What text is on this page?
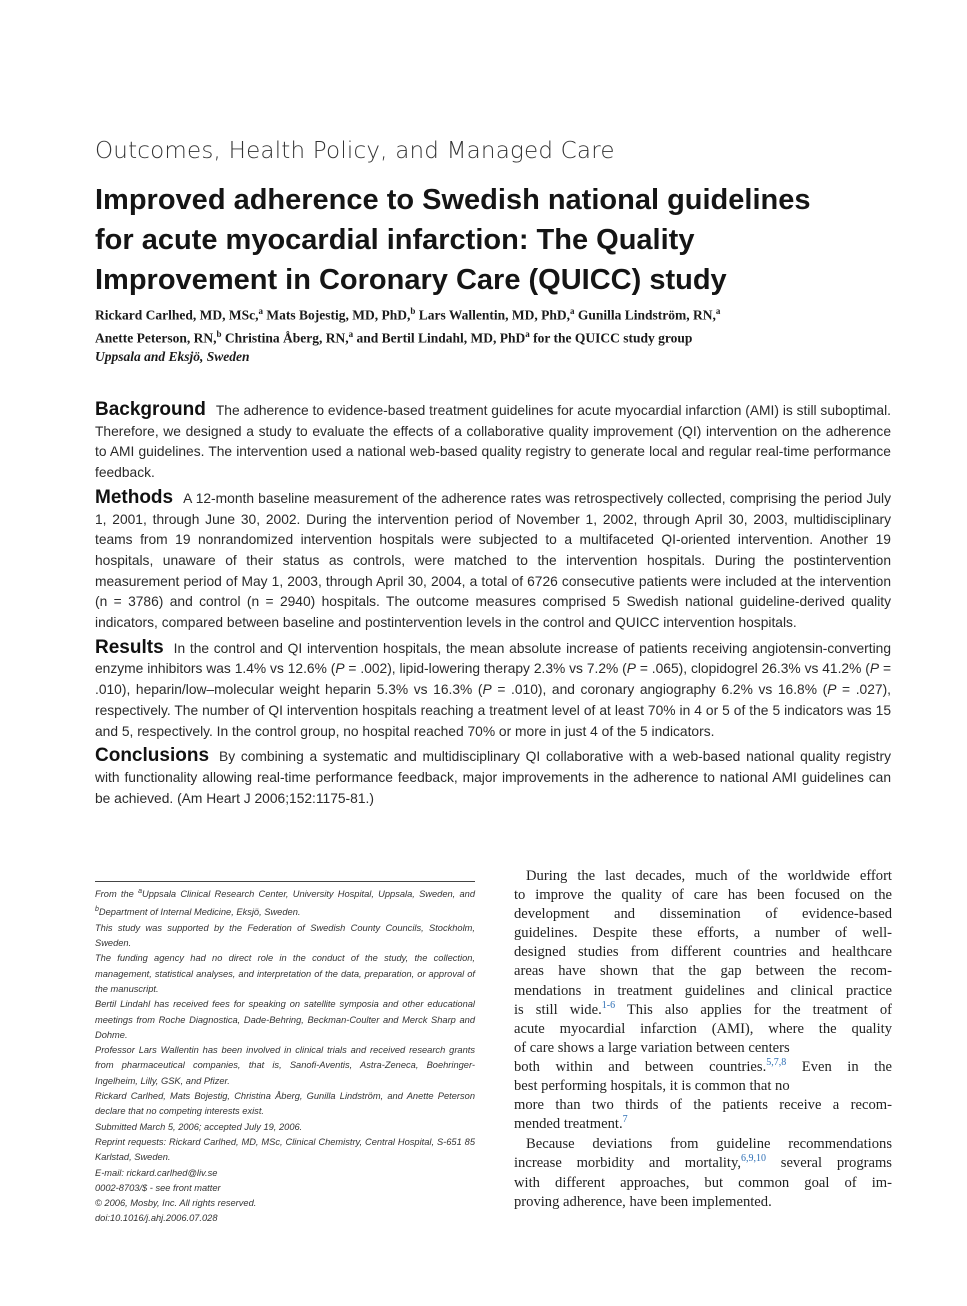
Outcomes, Health Policy, and Managed Care
Improved adherence to Swedish national guidelines
for acute myocardial infarction: The Quality
Improvement in Coronary Care (QUICC) study
Rickard Carlhed, MD, MSc,$^a$ Mats Bojestig, MD, PhD,$^b$ Lars Wallentin, MD, PhD,$^a$ Gunilla Lindström, RN,$^a$
Anette Peterson, RN,$^b$ Christina Åberg, RN,$^a$ and Bertil Lindahl, MD, PhD$^a$ for the QUICC study group
Uppsala and Eksjö, Sweden

Background The adherence to evidence-based treatment guidelines for acute myocardial infarction (AMI) is still suboptimal. Therefore, we designed a study to evaluate the effects of a collaborative quality improvement (QI) intervention on the adherence to AMI guidelines. The intervention used a national web-based quality registry to generate local and regular real-time performance feedback.

Methods A 12-month baseline measurement of the adherence rates was retrospectively collected, comprising the period July 1, 2001, through June 30, 2002. During the intervention period of November 1, 2002, through April 30, 2003, multidisciplinary teams from 19 nonrandomized intervention hospitals were subjected to a multifaceted QI-oriented intervention. Another 19 hospitals, unaware of their status as controls, were matched to the intervention hospitals. During the postintervention measurement period of May 1, 2003, through April 30, 2004, a total of 6726 consecutive patients were included at the intervention (n = 3786) and control (n = 2940) hospitals. The outcome measures comprised 5 Swedish national guideline-derived quality indicators, compared between baseline and postintervention levels in the control and QUICC intervention hospitals.

Results In the control and QI intervention hospitals, the mean absolute increase of patients receiving angiotensin-converting enzyme inhibitors was 1.4% vs 12.6% (P = .002), lipid-lowering therapy 2.3% vs 7.2% (P = .065), clopidogrel 26.3% vs 41.2% (P = .010), heparin/low–molecular weight heparin 5.3% vs 16.3% (P = .010), and coronary angiography 6.2% vs 16.8% (P = .027), respectively. The number of QI intervention hospitals reaching a treatment level of at least 70% in 4 or 5 of the 5 indicators was 15 and 5, respectively. In the control group, no hospital reached 70% or more in just 4 of the 5 indicators.

Conclusions By combining a systematic and multidisciplinary QI collaborative with a web-based national quality registry with functionality allowing real-time performance feedback, major improvements in the adherence to national AMI guidelines can be achieved. (Am Heart J 2006;152:1175-81.)

From the $^a$Uppsala Clinical Research Center, University Hospital, Uppsala, Sweden, and $^b$Department of Internal Medicine, Eksjö, Sweden.

This study was supported by the Federation of Swedish County Councils, Stockholm, Sweden.

The funding agency had no direct role in the conduct of the study, the collection, management, statistical analyses, and interpretation of the data, preparation, or approval of the manuscript.

Bertil Lindahl has received fees for speaking on satellite symposia and other educational meetings from Roche Diagnostica, Dade-Behring, Beckman-Coulter and Merck Sharp and Dohme.

Professor Lars Wallentin has been involved in clinical trials and received research grants from pharmaceutical companies, that is, Sanofi-Aventis, Astra-Zeneca, Boehringer-Ingelheim, Lilly, GSK, and Pfizer.

Rickard Carlhed, Mats Bojestig, Christina Åberg, Gunilla Lindström, and Anette Peterson declare that no competing interests exist.

Submitted March 5, 2006; accepted July 19, 2006.

Reprint requests: Rickard Carlhed, MD, MSc, Clinical Chemistry, Central Hospital, S-651 85 Karlstad, Sweden.

E-mail: rickard.carlhed@liv.se

0002-8703/$ - see front matter

© 2006, Mosby, Inc. All rights reserved.

doi:10.1016/j.ahj.2006.07.028

During the last decades, much of the worldwide effort
to improve the quality of care has been focused on the
development and dissemination of evidence-based
guidelines. Despite these efforts, a number of well-
designed studies from different countries and healthcare
areas have shown that the gap between the recom-
mendations in treatment guidelines and clinical practice
is still wide.$^{1-6}$ This also applies for the treatment of
acute myocardial infarction (AMI), where the quality
of care shows a large variation between centers
both within and between countries.$^{5,7,8}$ Even in the
best performing hospitals, it is common that no
more than two thirds of the patients receive a recom-
mended treatment.$^7$

Because deviations from guideline recommendations
increase morbidity and mortality,$^{6,9,10}$ several programs
with different approaches, but common goal of im-
proving adherence, have been implemented.
